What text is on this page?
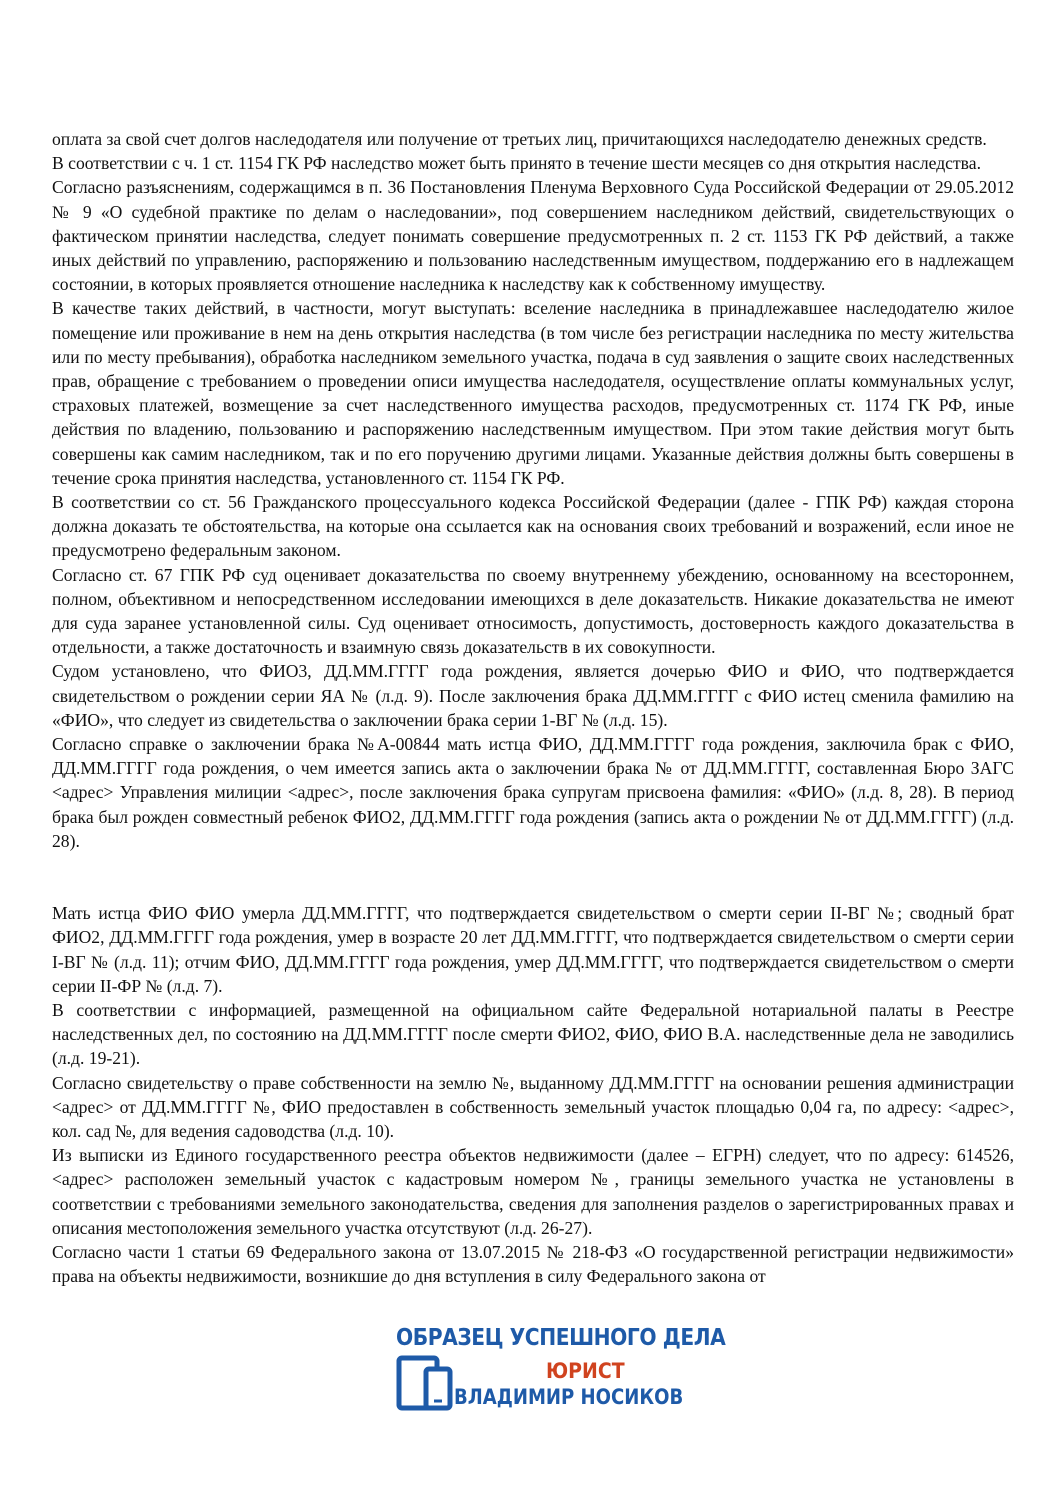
оплата за свой счет долгов наследодателя или получение от третьих лиц, причитающихся наследодателю денежных средств.

В соответствии с ч. 1 ст. 1154 ГК РФ наследство может быть принято в течение шести месяцев со дня открытия наследства.

Согласно разъяснениям, содержащимся в п. 36 Постановления Пленума Верховного Суда Российской Федерации от 29.05.2012 № 9 «О судебной практике по делам о наследовании», под совершением наследником действий, свидетельствующих о фактическом принятии наследства, следует понимать совершение предусмотренных п. 2 ст. 1153 ГК РФ действий, а также иных действий по управлению, распоряжению и пользованию наследственным имуществом, поддержанию его в надлежащем состоянии, в которых проявляется отношение наследника к наследству как к собственному имуществу.

В качестве таких действий, в частности, могут выступать: вселение наследника в принадлежавшее наследодателю жилое помещение или проживание в нем на день открытия наследства (в том числе без регистрации наследника по месту жительства или по месту пребывания), обработка наследником земельного участка, подача в суд заявления о защите своих наследственных прав, обращение с требованием о проведении описи имущества наследодателя, осуществление оплаты коммунальных услуг, страховых платежей, возмещение за счет наследственного имущества расходов, предусмотренных ст. 1174 ГК РФ, иные действия по владению, пользованию и распоряжению наследственным имуществом. При этом такие действия могут быть совершены как самим наследником, так и по его поручению другими лицами. Указанные действия должны быть совершены в течение срока принятия наследства, установленного ст. 1154 ГК РФ.

В соответствии со ст. 56 Гражданского процессуального кодекса Российской Федерации (далее - ГПК РФ) каждая сторона должна доказать те обстоятельства, на которые она ссылается как на основания своих требований и возражений, если иное не предусмотрено федеральным законом.

Согласно ст. 67 ГПК РФ суд оценивает доказательства по своему внутреннему убеждению, основанному на всестороннем, полном, объективном и непосредственном исследовании имеющихся в деле доказательств. Никакие доказательства не имеют для суда заранее установленной силы. Суд оценивает относимость, допустимость, достоверность каждого доказательства в отдельности, а также достаточность и взаимную связь доказательств в их совокупности.

Судом установлено, что ФИО3, ДД.ММ.ГГГГ года рождения, является дочерью ФИО и ФИО, что подтверждается свидетельством о рождении серии ЯА № (л.д. 9). После заключения брака ДД.ММ.ГГГГ с ФИО истец сменила фамилию на «ФИО», что следует из свидетельства о заключении брака серии 1-ВГ № (л.д. 15).

Согласно справке о заключении брака №А-00844 мать истца ФИО, ДД.ММ.ГГГГ года рождения, заключила брак с ФИО, ДД.ММ.ГГГГ года рождения, о чем имеется запись акта о заключении брака № от ДД.ММ.ГГГГ, составленная Бюро ЗАГС <адрес> Управления милиции <адрес>, после заключения брака супругам присвоена фамилия: «ФИО» (л.д. 8, 28). В период брака был рожден совместный ребенок ФИО2, ДД.ММ.ГГГГ года рождения (запись акта о рождении № от ДД.ММ.ГГГГ) (л.д. 28).

Мать истца ФИО ФИО умерла ДД.ММ.ГГГГ, что подтверждается свидетельством о смерти серии II-ВГ №; сводный брат ФИО2, ДД.ММ.ГГГГ года рождения, умер в возрасте 20 лет ДД.ММ.ГГГГ, что подтверждается свидетельством о смерти серии I-ВГ № (л.д. 11); отчим ФИО, ДД.ММ.ГГГГ года рождения, умер ДД.ММ.ГГГГ, что подтверждается свидетельством о смерти серии II-ФР № (л.д. 7).

В соответствии с информацией, размещенной на официальном сайте Федеральной нотариальной палаты в Реестре наследственных дел, по состоянию на ДД.ММ.ГГГГ после смерти ФИО2, ФИО, ФИО В.А. наследственные дела не заводились (л.д. 19-21).

Согласно свидетельству о праве собственности на землю №, выданному ДД.ММ.ГГГГ на основании решения администрации <адрес> от ДД.ММ.ГГГГ №, ФИО предоставлен в собственность земельный участок площадью 0,04 га, по адресу: <адрес>, кол. сад №, для ведения садоводства (л.д. 10).

Из выписки из Единого государственного реестра объектов недвижимости (далее – ЕГРН) следует, что по адресу: 614526, <адрес> расположен земельный участок с кадастровым номером №, границы земельного участка не установлены в соответствии с требованиями земельного законодательства, сведения для заполнения разделов о зарегистрированных правах и описания местоположения земельного участка отсутствуют (л.д. 26-27).

Согласно части 1 статьи 69 Федерального закона от 13.07.2015 № 218-ФЗ «О государственной регистрации недвижимости» права на объекты недвижимости, возникшие до дня вступления в силу Федерального закона от

ОБРАЗЕЦ УСПЕШНОГО ДЕЛА
ЮРИСТ
ВЛАДИМИР НОСИКОВ
